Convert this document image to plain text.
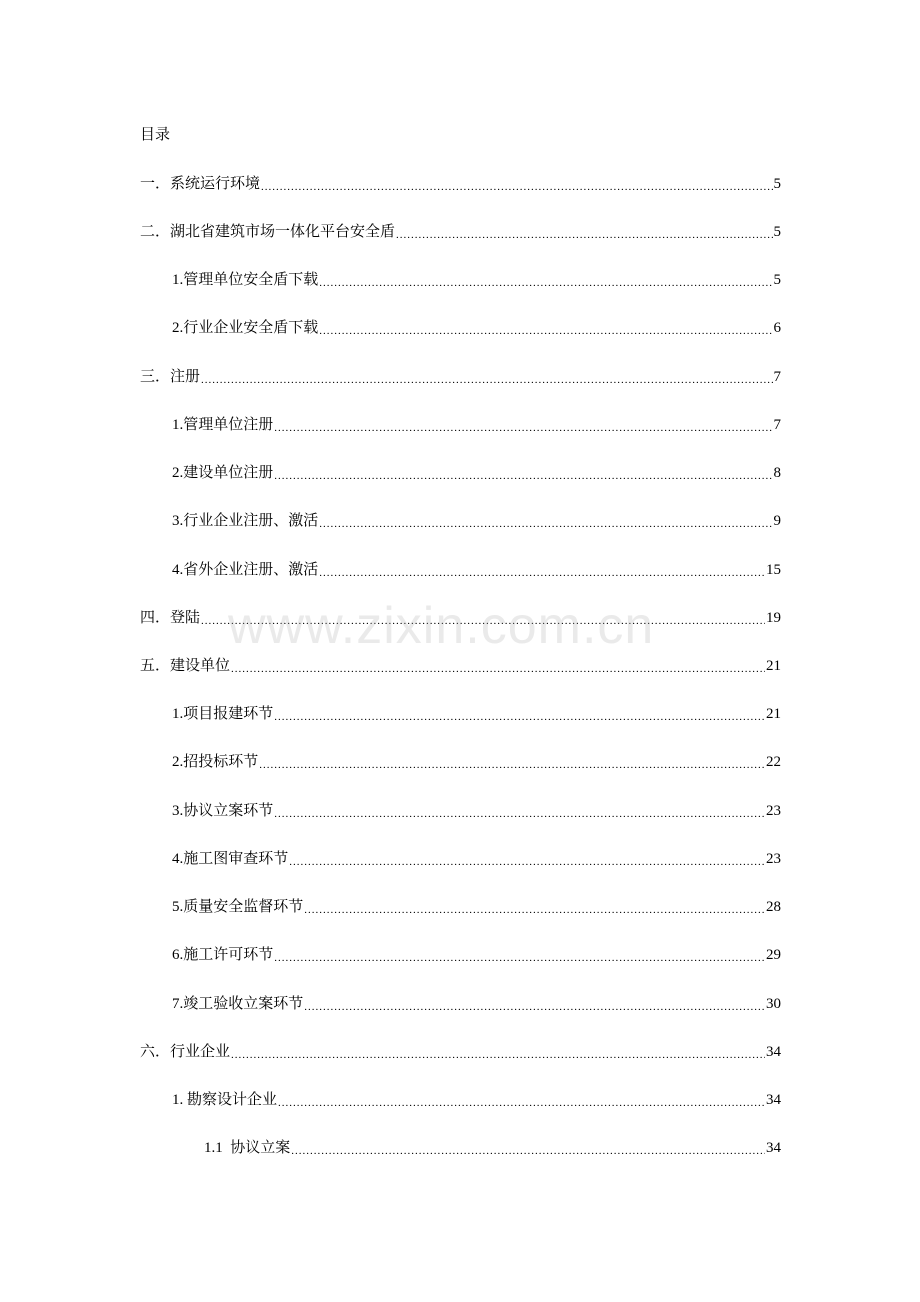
目录
一． 系统运行环境 .....	5
二． 湖北省建筑市场一体化平台安全盾 .....	5
1. 管理单位安全盾下载 .....	5
2. 行业企业安全盾下载 .....	6
三． 注册 .....	7
1. 管理单位注册 .....	7
2. 建设单位注册 .....	8
3. 行业企业注册、激活 .....	9
4. 省外企业注册、激活 .....	15
四． 登陆 .....	19
五． 建设单位 .....	21
1. 项目报建环节 .....	21
2. 招投标环节 .....	22
3. 协议立案环节 .....	23
4. 施工图审查环节 .....	23
5. 质量安全监督环节 .....	28
6. 施工许可环节 .....	29
7. 竣工验收立案环节 .....	30
六． 行业企业 .....	34
1. 勘察设计企业 .....	34
1.1 协议立案 .....	34
www.zixin.com.cn
